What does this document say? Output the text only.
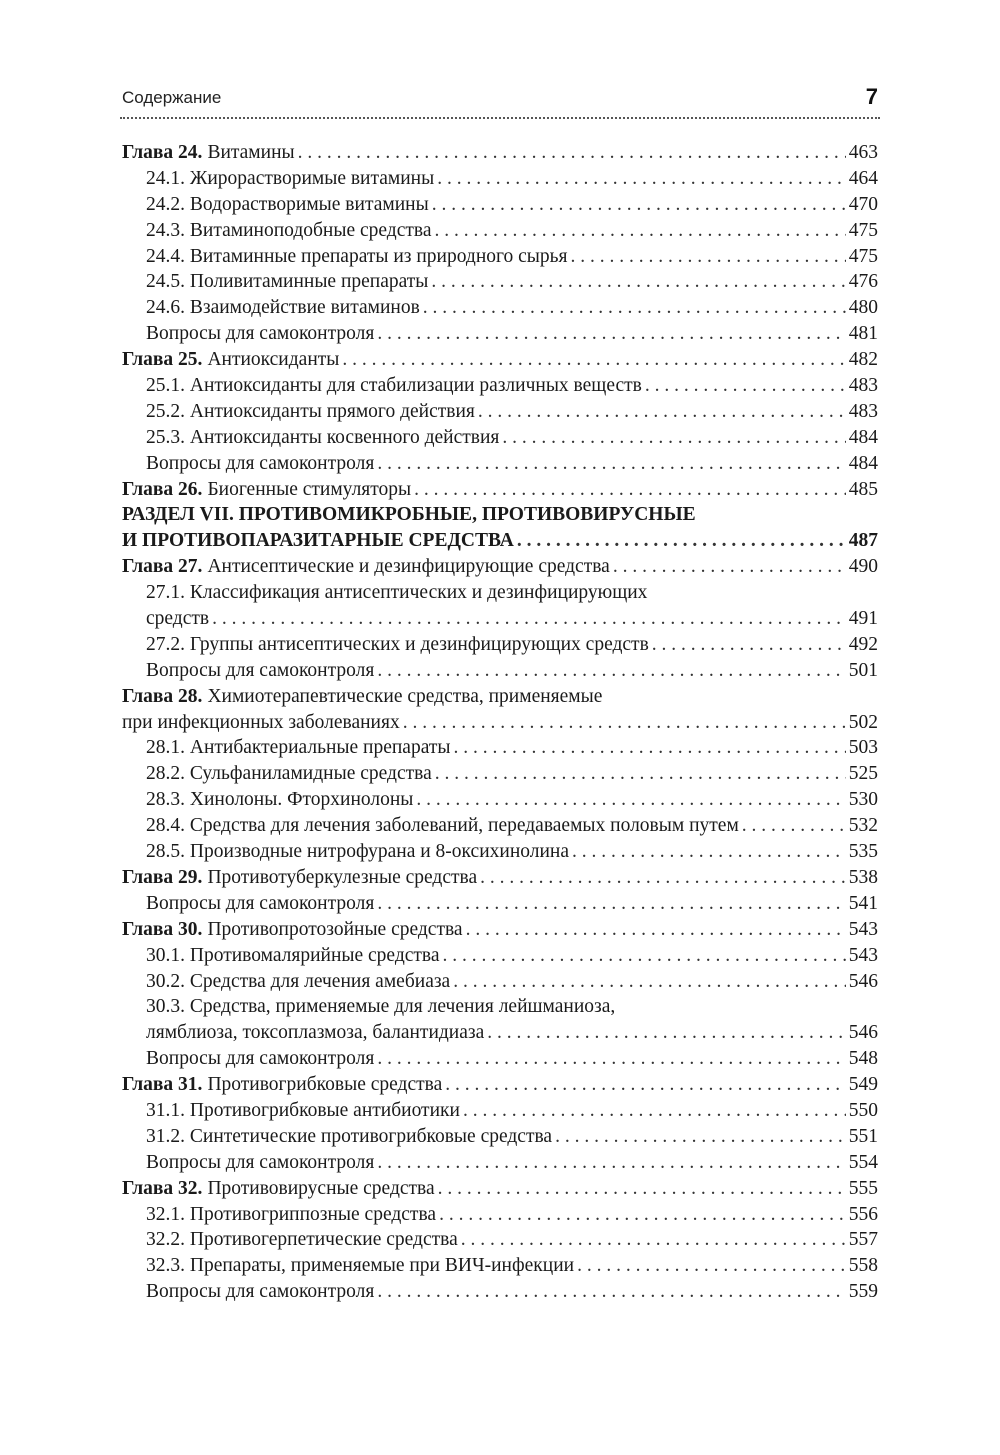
Содержание	7
Глава 24. Витамины . . .	463
24.1. Жирорастворимые витамины . . .	464
24.2. Водорастворимые витамины . . .	470
24.3. Витаминоподобные средства . . .	475
24.4. Витаминные препараты из природного сырья . . .	475
24.5. Поливитаминные препараты . . .	476
24.6. Взаимодействие витаминов . . .	480
Вопросы для самоконтроля . . .	481
Глава 25. Антиоксиданты . . .	482
25.1. Антиоксиданты для стабилизации различных веществ . . .	483
25.2. Антиоксиданты прямого действия . . .	483
25.3. Антиоксиданты косвенного действия . . .	484
Вопросы для самоконтроля . . .	484
Глава 26. Биогенные стимуляторы . . .	485
РАЗДЕЛ VII. ПРОТИВОМИКРОБНЫЕ, ПРОТИВОВИРУСНЫЕ
И ПРОТИВОПАРАЗИТАРНЫЕ СРЕДСТВА . . .	487
Глава 27. Антисептические и дезинфицирующие средства . . .	490
27.1. Классификация антисептических и дезинфицирующих
средств . . .	491
27.2. Группы антисептических и дезинфицирующих средств . . .	492
Вопросы для самоконтроля . . .	501
Глава 28. Химиотерапевтические средства, применяемые
при инфекционных заболеваниях . . .	502
28.1. Антибактериальные препараты . . .	503
28.2. Сульфаниламидные средства . . .	525
28.3. Хинолоны. Фторхинолоны . . .	530
28.4. Средства для лечения заболеваний, передаваемых половым путем . . .	532
28.5. Производные нитрофурана и 8-оксихинолина . . .	535
Глава 29. Противотуберкулезные средства . . .	538
Вопросы для самоконтроля . . .	541
Глава 30. Противопротозойные средства . . .	543
30.1. Противомалярийные средства . . .	543
30.2. Средства для лечения амебиаза . . .	546
30.3. Средства, применяемые для лечения лейшманиоза,
лямблиоза, токсоплазмоза, балантидиаза . . .	546
Вопросы для самоконтроля . . .	548
Глава 31. Противогрибковые средства . . .	549
31.1. Противогрибковые антибиотики . . .	550
31.2. Синтетические противогрибковые средства . . .	551
Вопросы для самоконтроля . . .	554
Глава 32. Противовирусные средства . . .	555
32.1. Противогриппозные средства . . .	556
32.2. Противогерпетические средства . . .	557
32.3. Препараты, применяемые при ВИЧ-инфекции . . .	558
Вопросы для самоконтроля . . .	559
